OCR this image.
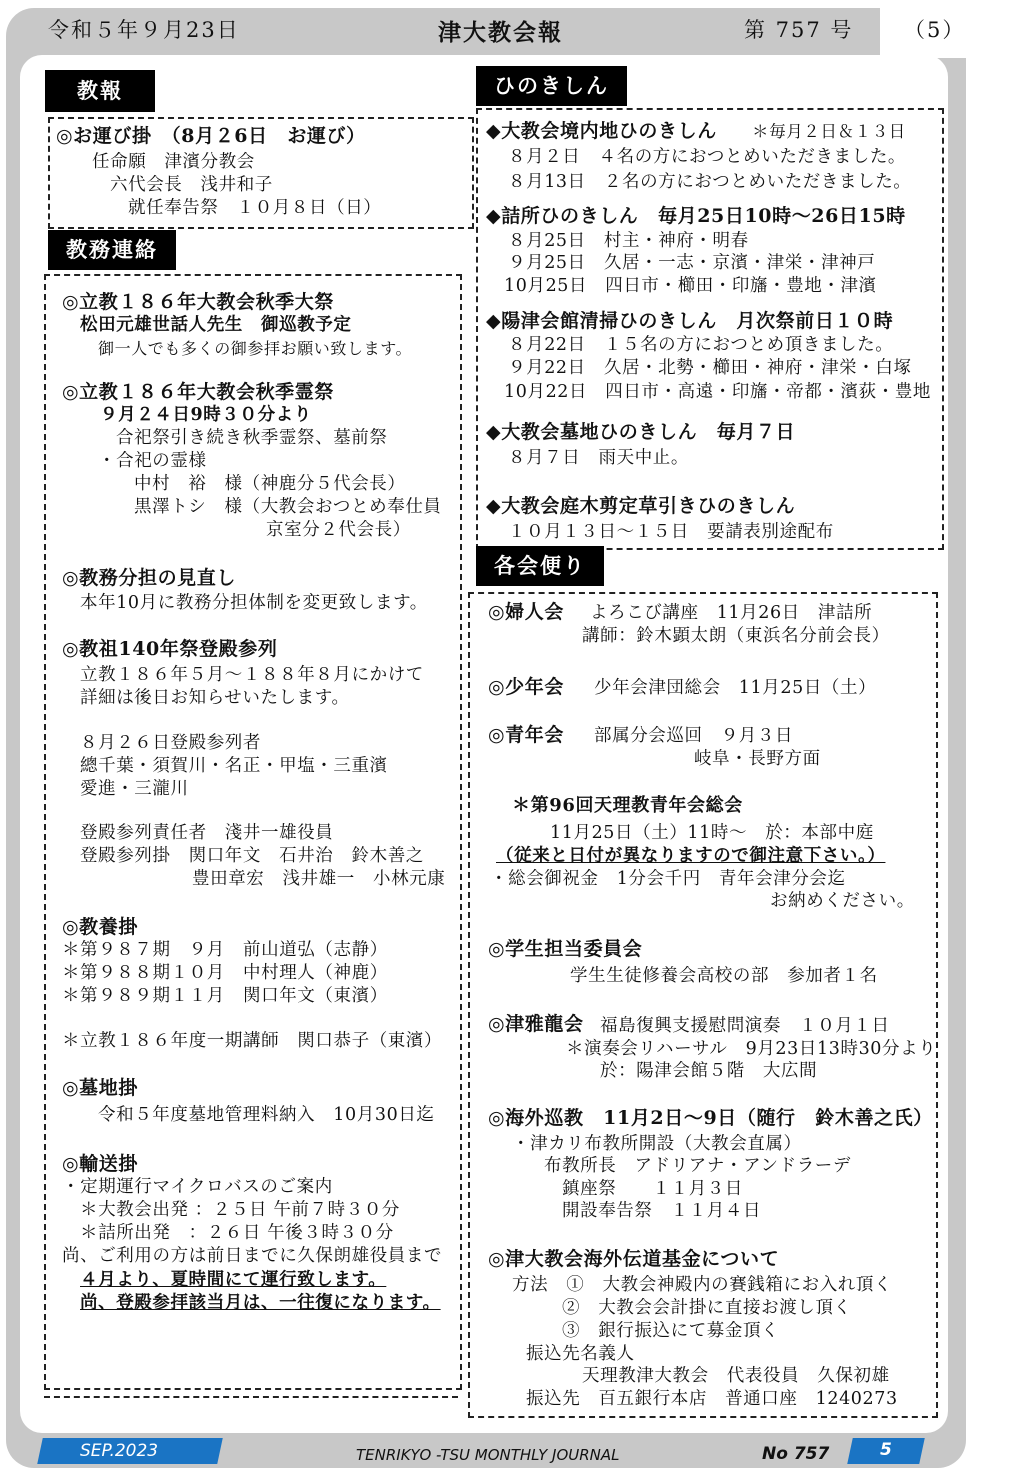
令和５年９月23日	津大教会報	第 757 号 （5）
教報
◎お運び掛　（8月２6日　お運び）
任命願　津濱分教会
六代会長　浅井和子
就任奉告祭　１０月８日（日）
教務連絡
◎立教１８６年大教会秋季大祭
松田元雄世話人先生　御巡教予定
御一人でも多くの御参拝お願い致します。
◎立教１８６年大教会秋季霊祭
９月２４日9時３０分より
合祀祭引き続き秋季霊祭、墓前祭
・合祀の霊様
中村　裕　様（神鹿分５代会長）
黒澤トシ　様（大教会おつとめ奉仕員
京室分２代会長）
◎教務分担の見直し
本年10月に教務分担体制を変更致します。
◎教祖140年祭登殿参列
立教１８６年５月～１８８年８月にかけて
詳細は後日お知らせいたします。
８月２６日登殿参列者
總千葉・須賀川・名正・甲塩・三重濱
愛進・三瀧川
登殿参列責任者　淺井一雄役員
登殿参列掛　関口年文　石井治　鈴木善之
豊田章宏　浅井雄一　小林元康
◎教養掛
＊第９８７期　９月　前山道弘（志静）
＊第９８８期１０月　中村理人（神鹿）
＊第９８９期１１月　関口年文（東濱）
＊立教１８６年度一期講師　関口恭子（東濱）
◎墓地掛
令和５年度墓地管理料納入　10月30日迄
◎輸送掛
・定期運行マイクロバスのご案内
＊大教会出発 ：２５日 午前７時３０分
＊詰所出発　：２６日 午後３時３０分
尚、ご利用の方は前日までに久保朗雄役員まで
４月より、夏時間にて運行致します。
尚、登殿参拝該当月は、一往復になります。
ひのきしん
◆大教会境内地ひのきしん ＊毎月２日＆１３日
８月２日　４名の方におつとめいただきました。
８月13日　２名の方におつとめいただきました。
◆詰所ひのきしん　毎月25日10時～26日15時
８月25日　村主・神府・明春
９月25日　久居・一志・京濱・津栄・津神戸
10月25日　四日市・櫛田・印旛・豊地・津濱
◆陽津会館清掃ひのきしん　月次祭前日１０時
８月22日　１５名の方におつとめ頂きました。
９月22日　久居・北勢・櫛田・神府・津栄・白塚
10月22日　四日市・高遠・印旛・帝都・濱荻・豊地
◆大教会墓地ひのきしん　毎月７日
８月７日　雨天中止。
◆大教会庭木剪定草引きひのきしん
１０月１３日～１５日　要請表別途配布
各会便り
◎婦人会 よろこび講座　11月26日　津詰所
講師：鈴木顕太朗（東浜名分前会長）
◎少年会 少年会津団総会　11月25日（土）
◎青年会 部属分会巡回　９月３日
岐阜・長野方面
＊第96回天理教青年会総会
11月25日（土）11時～　於：本部中庭
（従来と日付が異なりますので御注意下さい。）
・総会御祝金　1分会千円　青年会津分会迄
お納めください。
◎学生担当委員会
学生生徒修養会高校の部　参加者１名
◎津雅龍会 福島復興支援慰問演奏　１０月１日
＊演奏会リハーサル　9月23日13時30分より
於：陽津会館５階　大広間
◎海外巡教　11月2日～9日（随行　鈴木善之氏）
・津カリ布教所開設（大教会直属）
布教所長　アドリアナ・アンドラーデ
鎮座祭　　１１月３日
開設奉告祭　１１月４日
◎津大教会海外伝道基金について
方法　①　大教会神殿内の賽銭箱にお入れ頂く
②　大教会会計掛に直接お渡し頂く
③　銀行振込にて募金頂く
振込先名義人
天理教津大教会　代表役員　久保初雄
振込先　百五銀行本店　普通口座　1240273
SEP.2023	TENRIKYO -TSU MONTHLY JOURNAL	No 757	5
